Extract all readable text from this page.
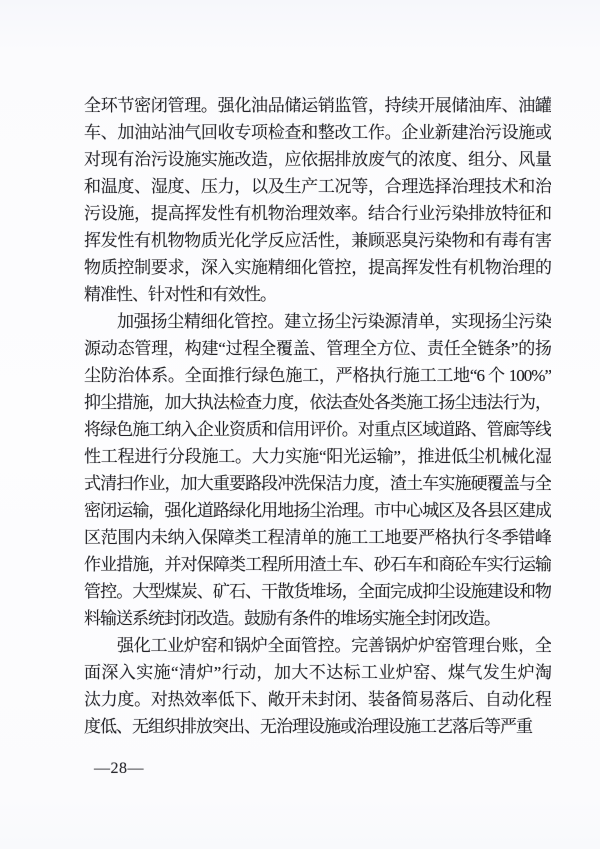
全环节密闭管理。强化油品储运销监管，持续开展储油库、油罐
车、加油站油气回收专项检查和整改工作。企业新建治污设施或
对现有治污设施实施改造，应依据排放废气的浓度、组分、风量
和温度、湿度、压力，以及生产工况等，合理选择治理技术和治
污设施，提高挥发性有机物治理效率。结合行业污染排放特征和
挥发性有机物物质光化学反应活性，兼顾恶臭污染物和有毒有害
物质控制要求，深入实施精细化管控，提高挥发性有机物治理的
精准性、针对性和有效性。
加强扬尘精细化管控。建立扬尘污染源清单，实现扬尘污染
源动态管理，构建“过程全覆盖、管理全方位、责任全链条”的扬
尘防治体系。全面推行绿色施工，严格执行施工工地“6 个 100%”
抑尘措施，加大执法检查力度，依法查处各类施工扬尘违法行为，
将绿色施工纳入企业资质和信用评价。对重点区域道路、管廊等线
性工程进行分段施工。大力实施“阳光运输”，推进低尘机械化湿
式清扫作业，加大重要路段冲洗保洁力度，渣土车实施硬覆盖与全
密闭运输，强化道路绿化用地扬尘治理。市中心城区及各县区建成
区范围内未纳入保障类工程清单的施工工地要严格执行冬季错峰
作业措施，并对保障类工程所用渣土车、砂石车和商砼车实行运输
管控。大型煤炭、矿石、干散货堆场，全面完成抑尘设施建设和物
料输送系统封闭改造。鼓励有条件的堆场实施全封闭改造。
强化工业炉窑和锅炉全面管控。完善锅炉炉窑管理台账，全
面深入实施“清炉”行动，加大不达标工业炉窑、煤气发生炉淘
汰力度。对热效率低下、敞开未封闭、装备简易落后、自动化程
度低、无组织排放突出、无治理设施或治理设施工艺落后等严重
—28—
